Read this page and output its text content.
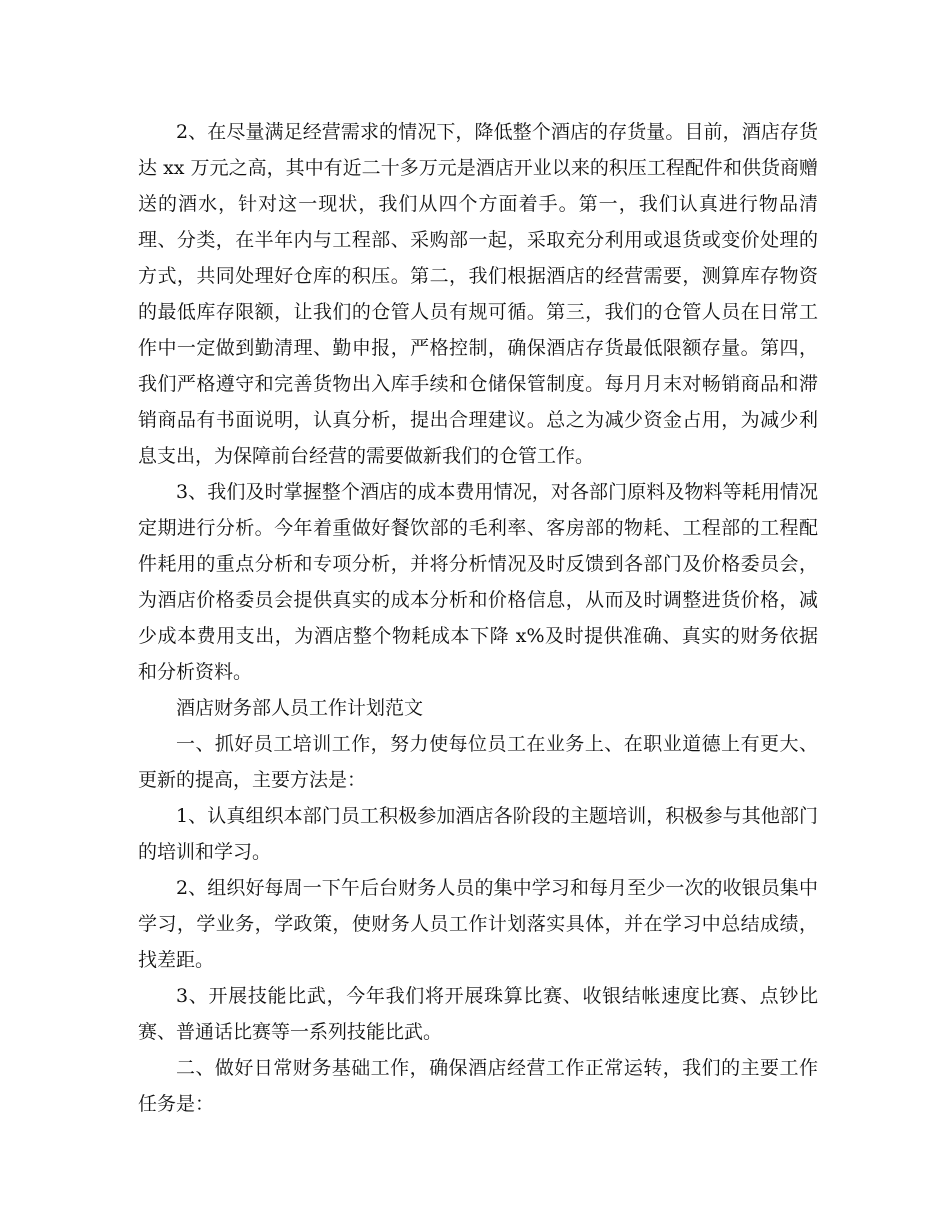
2、在尽量满足经营需求的情况下，降低整个酒店的存货量。目前，酒店存货达 xx 万元之高，其中有近二十多万元是酒店开业以来的积压工程配件和供货商赠送的酒水，针对这一现状，我们从四个方面着手。第一，我们认真进行物品清理、分类，在半年内与工程部、采购部一起，采取充分利用或退货或变价处理的方式，共同处理好仓库的积压。第二，我们根据酒店的经营需要，测算库存物资的最低库存限额，让我们的仓管人员有规可循。第三，我们的仓管人员在日常工作中一定做到勤清理、勤申报，严格控制，确保酒店存货最低限额存量。第四，我们严格遵守和完善货物出入库手续和仓储保管制度。每月月末对畅销商品和滞销商品有书面说明，认真分析，提出合理建议。总之为减少资金占用，为减少利息支出，为保障前台经营的需要做新我们的仓管工作。

3、我们及时掌握整个酒店的成本费用情况，对各部门原料及物料等耗用情况定期进行分析。今年着重做好餐饮部的毛利率、客房部的物耗、工程部的工程配件耗用的重点分析和专项分析，并将分析情况及时反馈到各部门及价格委员会，为酒店价格委员会提供真实的成本分析和价格信息，从而及时调整进货价格，减少成本费用支出，为酒店整个物耗成本下降 x%及时提供准确、真实的财务依据和分析资料。

酒店财务部人员工作计划范文

一、抓好员工培训工作，努力使每位员工在业务上、在职业道德上有更大、更新的提高，主要方法是：

1、认真组织本部门员工积极参加酒店各阶段的主题培训，积极参与其他部门的培训和学习。

2、组织好每周一下午后台财务人员的集中学习和每月至少一次的收银员集中学习，学业务，学政策，使财务人员工作计划落实具体，并在学习中总结成绩，找差距。

3、开展技能比武，今年我们将开展珠算比赛、收银结帐速度比赛、点钞比赛、普通话比赛等一系列技能比武。

二、做好日常财务基础工作，确保酒店经营工作正常运转，我们的主要工作任务是：
